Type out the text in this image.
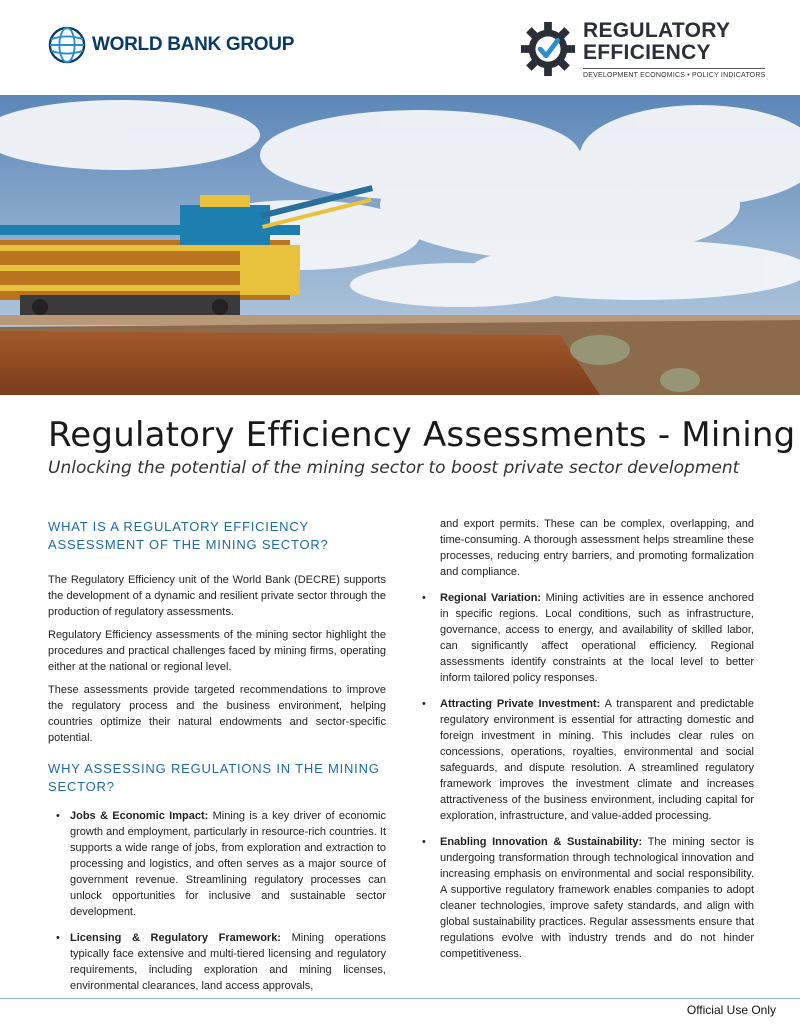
WORLD BANK GROUP
REGULATORY
EFFICIENCY
DEVELOPMENT ECONOMICS • POLICY INDICATORS
Regulatory Efficiency Assessments - Mining

Unlocking the potential of the mining sector to boost private sector development

WHAT IS A REGULATORY EFFICIENCY ASSESSMENT OF THE MINING SECTOR?

The Regulatory Efficiency unit of the World Bank (DECRE) supports the development of a dynamic and resilient private sector through the production of regulatory assessments.

Regulatory Efficiency assessments of the mining sector highlight the procedures and practical challenges faced by mining firms, operating either at the national or regional level.

These assessments provide targeted recommendations to improve the regulatory process and the business environment, helping countries optimize their natural endowments and sector-specific potential.

WHY ASSESSING REGULATIONS IN THE MINING SECTOR?
• Jobs & Economic Impact: Mining is a key driver of economic growth and employment, particularly in resource-rich countries. It supports a wide range of jobs, from exploration and extraction to processing and logistics, and often serves as a major source of government revenue. Streamlining regulatory processes can unlock opportunities for inclusive and sustainable sector development.
• Licensing & Regulatory Framework: Mining operations typically face extensive and multi-tiered licensing and regulatory requirements, including exploration and mining licenses, environmental clearances, land access approvals,

and export permits. These can be complex, overlapping, and time-consuming. A thorough assessment helps streamline these processes, reducing entry barriers, and promoting formalization and compliance.

• Regional Variation: Mining activities are in essence anchored in specific regions. Local conditions, such as infrastructure, governance, access to energy, and availability of skilled labor, can significantly affect operational efficiency. Regional assessments identify constraints at the local level to better inform tailored policy responses.
• Attracting Private Investment: A transparent and predictable regulatory environment is essential for attracting domestic and foreign investment in mining. This includes clear rules on concessions, operations, royalties, environmental and social safeguards, and dispute resolution. A streamlined regulatory framework improves the investment climate and increases attractiveness of the business environment, including capital for exploration, infrastructure, and value-added processing.
• Enabling Innovation & Sustainability: The mining sector is undergoing transformation through technological innovation and increasing emphasis on environmental and social responsibility. A supportive regulatory framework enables companies to adopt cleaner technologies, improve safety standards, and align with global sustainability practices. Regular assessments ensure that regulations evolve with industry trends and do not hinder competitiveness.
Official Use Only
